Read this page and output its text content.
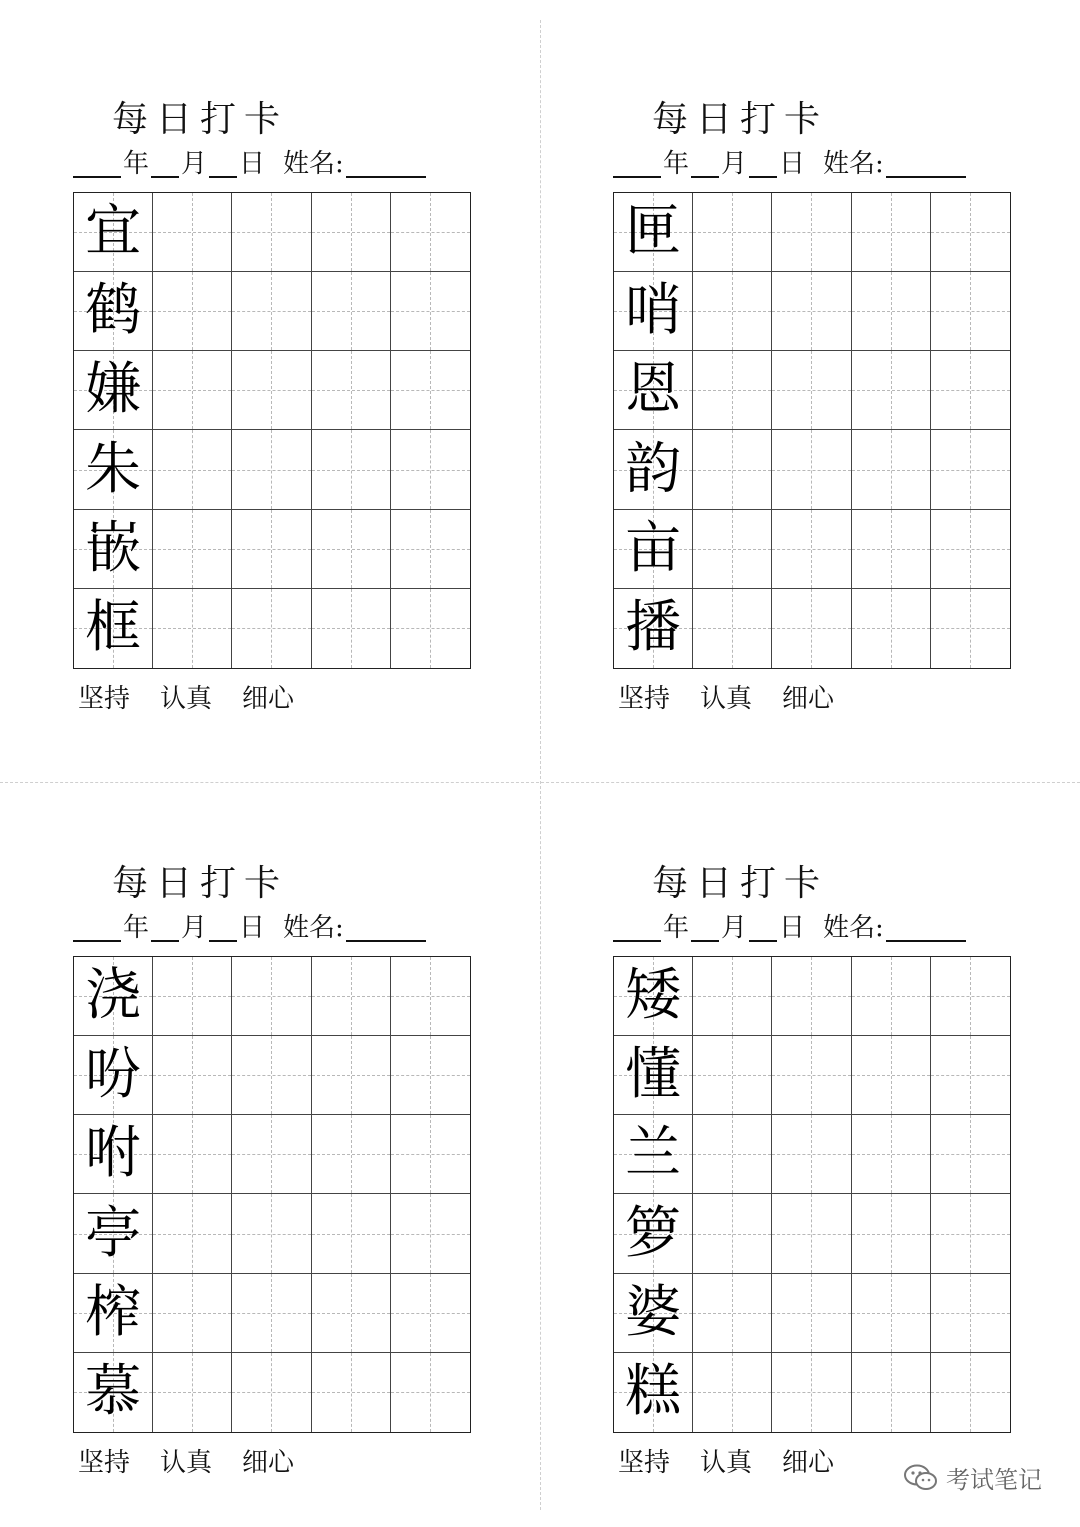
每日打卡
年 月 日 姓名:
宜
鹤
嫌
朱
嵌
框
坚持 认真 细心
每日打卡
年 月 日 姓名:
匣
哨
恩
韵
亩
播
坚持 认真 细心
每日打卡
年 月 日 姓名:
浇
吩
咐
亭
榨
慕
坚持 认真 细心
每日打卡
年 月 日 姓名:
矮
懂
兰
箩
婆
糕
坚持 认真 细心
考试笔记
